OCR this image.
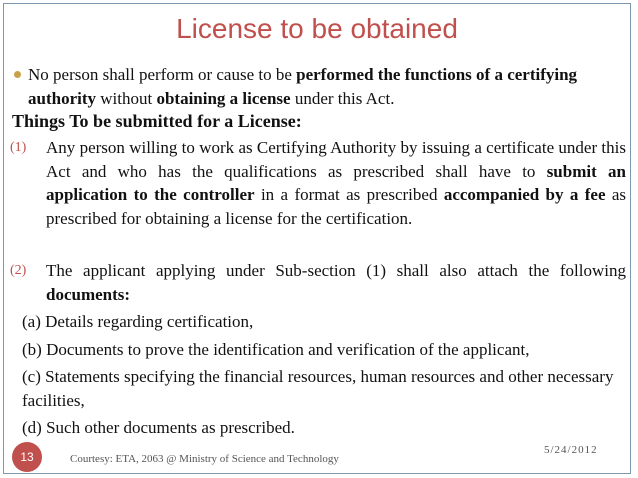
License to be obtained
No person shall perform or cause to be performed the functions of a certifying authority without obtaining a license under this Act.
Things To be submitted for a License:
(1)	Any person willing to work as Certifying Authority by issuing a certificate under this Act and who has the qualifications as prescribed shall have to submit an application to the controller in a format as prescribed accompanied by a fee as prescribed for obtaining a license for the certification.
(2)	The applicant applying under Sub-section (1) shall also attach the following documents:
(a) Details regarding certification,
(b) Documents to prove the identification and verification of the applicant,
(c) Statements specifying the financial resources, human resources and other necessary facilities,
(d) Such other documents as prescribed.
13	Courtesy: ETA, 2063 @ Ministry of Science and Technology
5/24/2012
